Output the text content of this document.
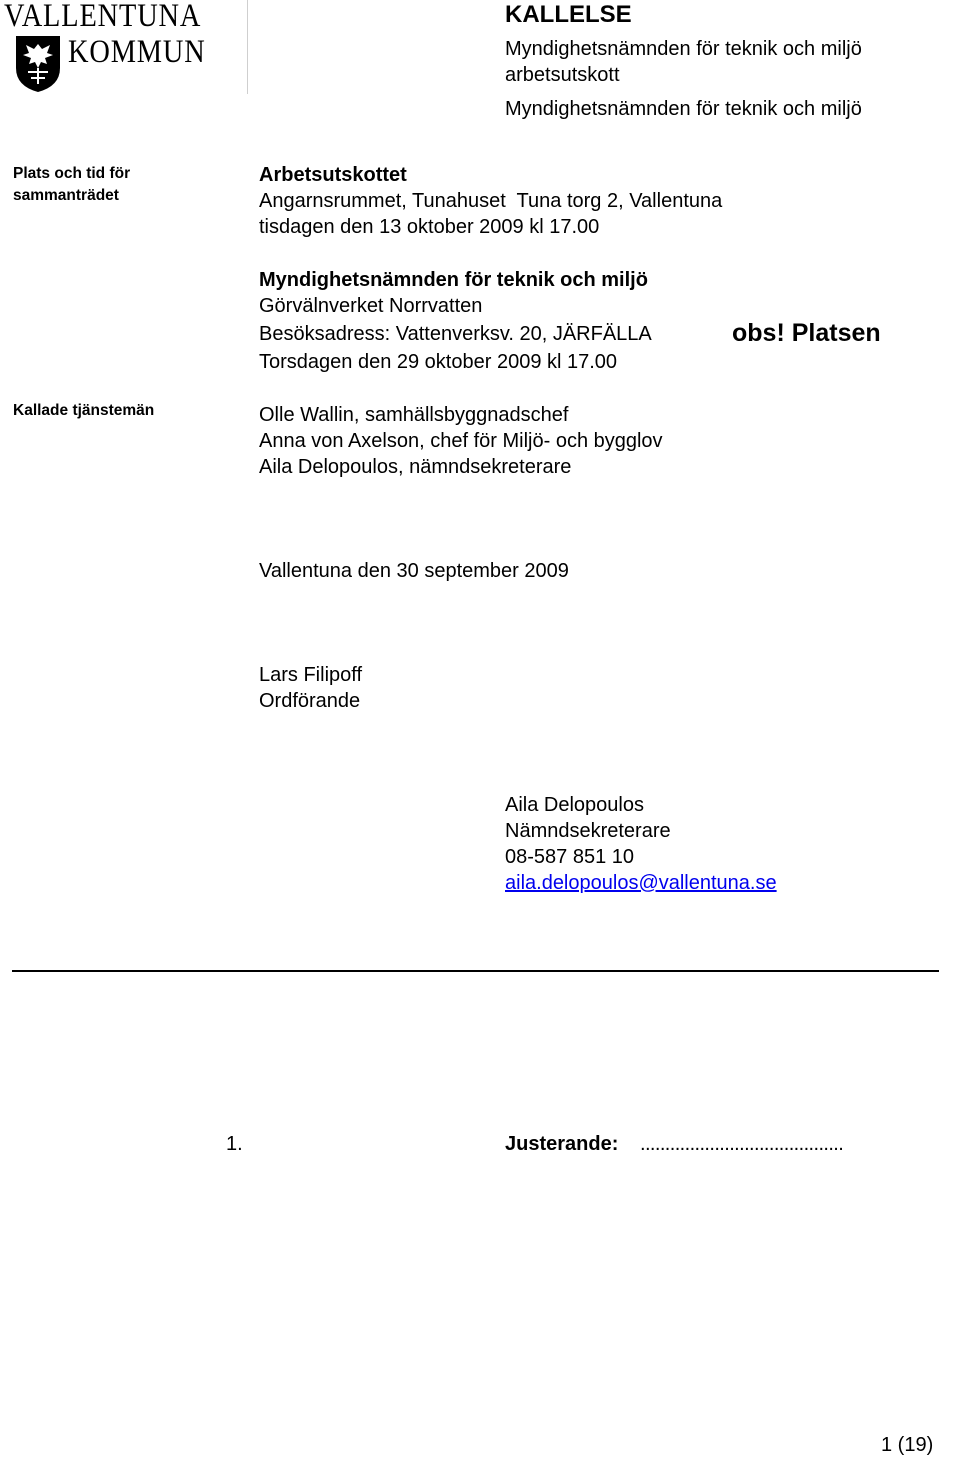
VALLENTUNA
KOMMUN
KALLELSE
Myndighetsnämnden för teknik och miljö
arbetsutskott
Myndighetsnämnden för teknik och miljö
Plats och tid för sammanträdet
Kallade tjänstemän
Arbetsutskottet
Angarnsrummet, Tunahuset  Tuna torg 2, Vallentuna
tisdagen den 13 oktober 2009 kl 17.00
Myndighetsnämnden för teknik och miljö
Görvälnverket Norrvatten
Besöksadress: Vattenverksv. 20, JÄRFÄLLA	obs! Platsen
Torsdagen den 29 oktober 2009 kl 17.00
Olle Wallin, samhällsbyggnadschef
Anna von Axelson, chef för Miljö- och bygglov
Aila Delopoulos, nämndsekreterare
Vallentuna den 30 september 2009
Lars Filipoff
Ordförande
Aila Delopoulos
Nämndsekreterare
08-587 851 10
aila.delopoulos@vallentuna.se
1.	Justerande: .........................................
1 (19)
